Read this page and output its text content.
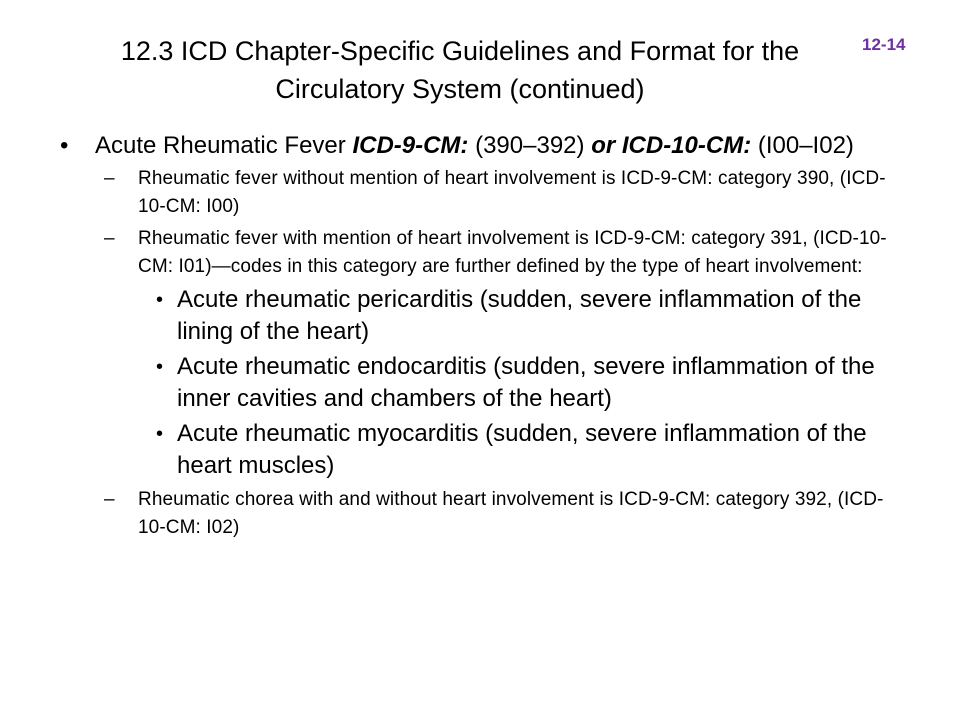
12.3 ICD Chapter-Specific Guidelines and Format for the
Circulatory System (continued)
12-14
• Acute Rheumatic Fever ICD-9-CM: (390–392) or ICD-10-CM: (I00–I02)
– Rheumatic fever without mention of heart involvement is ICD-9-CM: category 390, (ICD-10-CM: I00)
– Rheumatic fever with mention of heart involvement is ICD-9-CM: category 391, (ICD-10-CM: I01)—codes in this category are further defined by the type of heart involvement:
• Acute rheumatic pericarditis (sudden, severe inflammation of the lining of the heart)
• Acute rheumatic endocarditis (sudden, severe inflammation of the inner cavities and chambers of the heart)
• Acute rheumatic myocarditis (sudden, severe inflammation of the heart muscles)
– Rheumatic chorea with and without heart involvement is ICD-9-CM: category 392, (ICD-10-CM: I02)
